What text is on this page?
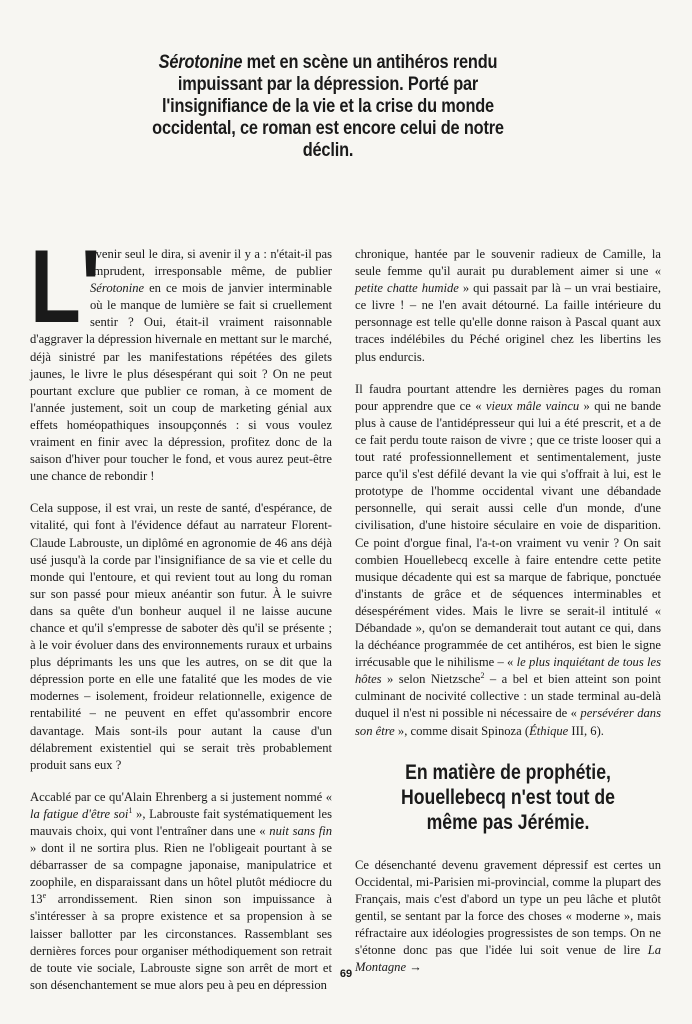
Sérotonine met en scène un antihéros rendu impuissant par la dépression. Porté par l'insignifiance de la vie et la crise du monde occidental, ce roman est encore celui de notre déclin.

L'
avenir seul le dira, si avenir il y a : n'était-il pas imprudent, irresponsable même, de publier Sérotonine en ce mois de janvier interminable où le manque de lumière se fait si cruellement sentir ? Oui, était-il vraiment raisonnable d'aggraver la dépression hivernale en mettant sur le marché, déjà sinistré par les manifestations répétées des gilets jaunes, le livre le plus désespérant qui soit ? On ne peut pourtant exclure que publier ce roman, à ce moment de l'année justement, soit un coup de marketing génial aux effets homéopathiques insoupçonnés : si vous voulez vraiment en finir avec la dépression, profitez donc de la saison d'hiver pour toucher le fond, et vous aurez peut-être une chance de rebondir !

Cela suppose, il est vrai, un reste de santé, d'espérance, de vitalité, qui font à l'évidence défaut au narrateur Florent-Claude Labrouste, un diplômé en agronomie de 46 ans déjà usé jusqu'à la corde par l'insignifiance de sa vie et celle du monde qui l'entoure, et qui revient tout au long du roman sur son passé pour mieux anéantir son futur. À le suivre dans sa quête d'un bonheur auquel il ne laisse aucune chance et qu'il s'empresse de saboter dès qu'il se présente ; à le voir évoluer dans des environnements ruraux et urbains plus déprimants les uns que les autres, on se dit que la dépression porte en elle une fatalité que les modes de vie modernes – isolement, froideur relationnelle, exigence de rentabilité – ne peuvent en effet qu'assombrir encore davantage. Mais sont-ils pour autant la cause d'un délabrement existentiel qui se serait très probablement produit sans eux ?

Accablé par ce qu'Alain Ehrenberg a si justement nommé « la fatigue d'être soi$^1$ », Labrouste fait systématiquement les mauvais choix, qui vont l'entraîner dans une « nuit sans fin » dont il ne sortira plus. Rien ne l'obligeait pourtant à se débarrasser de sa compagne japonaise, manipulatrice et zoophile, en disparaissant dans un hôtel plutôt médiocre du 13e arrondissement. Rien sinon son impuissance à s'intéresser à sa propre existence et sa propension à se laisser ballotter par les circonstances. Rassemblant ses dernières forces pour organiser méthodiquement son retrait de toute vie sociale, Labrouste signe son arrêt de mort et son désenchantement se mue alors peu à peu en dépression

chronique, hantée par le souvenir radieux de Camille, la seule femme qu'il aurait pu durablement aimer si une « petite chatte humide » qui passait par là – un vrai bestiaire, ce livre ! – ne l'en avait détourné. La faille intérieure du personnage est telle qu'elle donne raison à Pascal quant aux traces indélébiles du Péché originel chez les libertins les plus endurcis.

Il faudra pourtant attendre les dernières pages du roman pour apprendre que ce « vieux mâle vaincu » qui ne bande plus à cause de l'antidépresseur qui lui a été prescrit, et a de ce fait perdu toute raison de vivre ; que ce triste looser qui a tout raté professionnellement et sentimentalement, juste parce qu'il s'est défilé devant la vie qui s'offrait à lui, est le prototype de l'homme occidental vivant une débandade personnelle, qui serait aussi celle d'un monde, d'une civilisation, d'une histoire séculaire en voie de disparition. Ce point d'orgue final, l'a-t-on vraiment vu venir ? On sait combien Houellebecq excelle à faire entendre cette petite musique décadente qui est sa marque de fabrique, ponctuée d'instants de grâce et de séquences interminables et désespérément vides. Mais le livre se serait-il intitulé « Débandade », qu'on se demanderait tout autant ce qui, dans la déchéance programmée de cet antihéros, est bien le signe irrécusable que le nihilisme – « le plus inquiétant de tous les hôtes » selon Nietzsche$^2$ – a bel et bien atteint son point culminant de nocivité collective : un stade terminal au-delà duquel il n'est ni possible ni nécessaire de « persévérer dans son être », comme disait Spinoza (Éthique III, 6).

En matière de prophétie, Houellebecq n'est tout de même pas Jérémie.

Ce désenchanté devenu gravement dépressif est certes un Occidental, mi-Parisien mi-provincial, comme la plupart des Français, mais c'est d'abord un type un peu lâche et plutôt gentil, se sentant par la force des choses « moderne », mais réfractaire aux idéologies progressistes de son temps. On ne s'étonne donc pas que l'idée lui soit venue de lire La Montagne →

69
